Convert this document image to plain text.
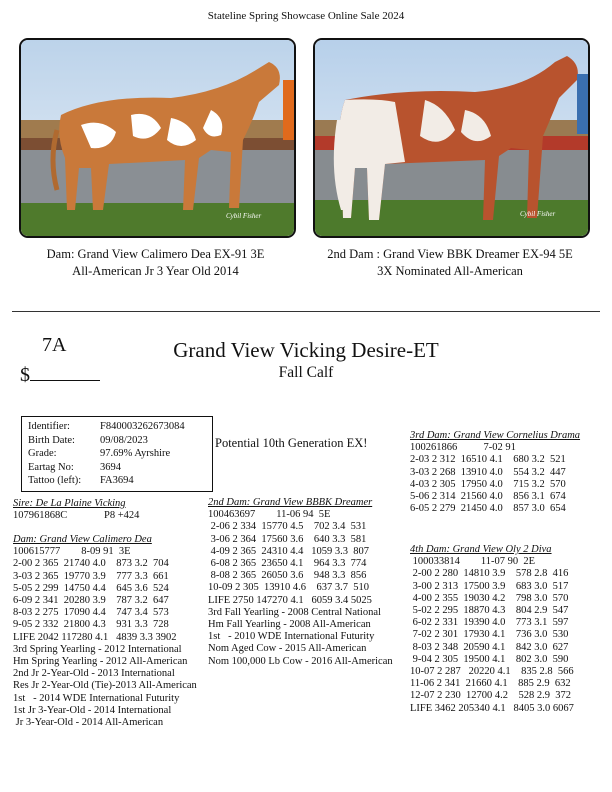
Stateline Spring Showcase Online Sale 2024
Cybil Fisher	Cybil Fisher
Dam: Grand View Calimero Dea EX-91 3E
All-American Jr 3 Year Old 2014
2nd Dam : Grand View BBK Dreamer EX-94 5E
3X Nominated All-American
7A
$
Grand View Vicking Desire-ET
Fall Calf
Identifier:	F840003262673084
Birth Date:	09/08/2023
Grade:	97.69% Ayrshire
Eartag No:	3694
Tattoo (left):	FA3694
Potential 10th Generation EX!
Sire: De La Plaine Vicking
107961868C              P8 +424
Dam: Grand View Calimero Dea
100615777        8-09 91  3E
2-00 2 365  21740 4.0    873 3.2  704
3-03 2 365  19770 3.9    777 3.3  661
5-05 2 299  14750 4.4    645 3.6  524
6-09 2 341  20280 3.9    787 3.2  647
8-03 2 275  17090 4.4    747 3.4  573
9-05 2 332  21800 4.3    931 3.3  728
LIFE 2042 117280 4.1   4839 3.3 3902
3rd Spring Yearling - 2012 International
Hm Spring Yearling - 2012 All-American
2nd Jr 2-Year-Old - 2013 International
Res Jr 2-Year-Old (Tie)-2013 All-American
1st   - 2014 WDE International Futurity
1st Jr 3-Year-Old - 2014 International
Jr 3-Year-Old - 2014 All-American
2nd Dam: Grand View BBBK Dreamer
100463697        11-06 94  5E
2-06 2 334  15770 4.5    702 3.4  531
3-06 2 364  17560 3.6    640 3.3  581
4-09 2 365  24310 4.4   1059 3.3  807
6-08 2 365  23650 4.1    964 3.3  774
8-08 2 365  26050 3.6    948 3.3  856
10-09 2 305  13910 4.6    637 3.7  510
LIFE 2750 147270 4.1   6059 3.4 5025
3rd Fall Yearling - 2008 Central National
Hm Fall Yearling - 2008 All-American
1st   - 2010 WDE International Futurity
Nom Aged Cow - 2015 All-American
Nom 100,000 Lb Cow - 2016 All-American
3rd Dam: Grand View Cornelius Drama
100261866          7-02 91
2-03 2 312  16510 4.1    680 3.2  521
3-03 2 268  13910 4.0    554 3.2  447
4-03 2 305  17950 4.0    715 3.2  570
5-06 2 314  21560 4.0    856 3.1  674
6-05 2 279  21450 4.0    857 3.0  654
4th Dam: Grand View Oly 2 Diva
100033814        11-07 90  2E
2-00 2 280  14810 3.9    578 2.8  416
3-00 2 313  17500 3.9    683 3.0  517
4-00 2 355  19030 4.2    798 3.0  570
5-02 2 295  18870 4.3    804 2.9  547
6-02 2 331  19390 4.0    773 3.1  597
7-02 2 301  17930 4.1    736 3.0  530
8-03 2 348  20590 4.1    842 3.0  627
9-04 2 305  19500 4.1    802 3.0  590
10-07 2 287   20220 4.1    835 2.8  566
11-06 2 341  21660 4.1    885 2.9  632
12-07 2 230  12700 4.2    528 2.9  372
LIFE 3462 205340 4.1   8405 3.0 6067
